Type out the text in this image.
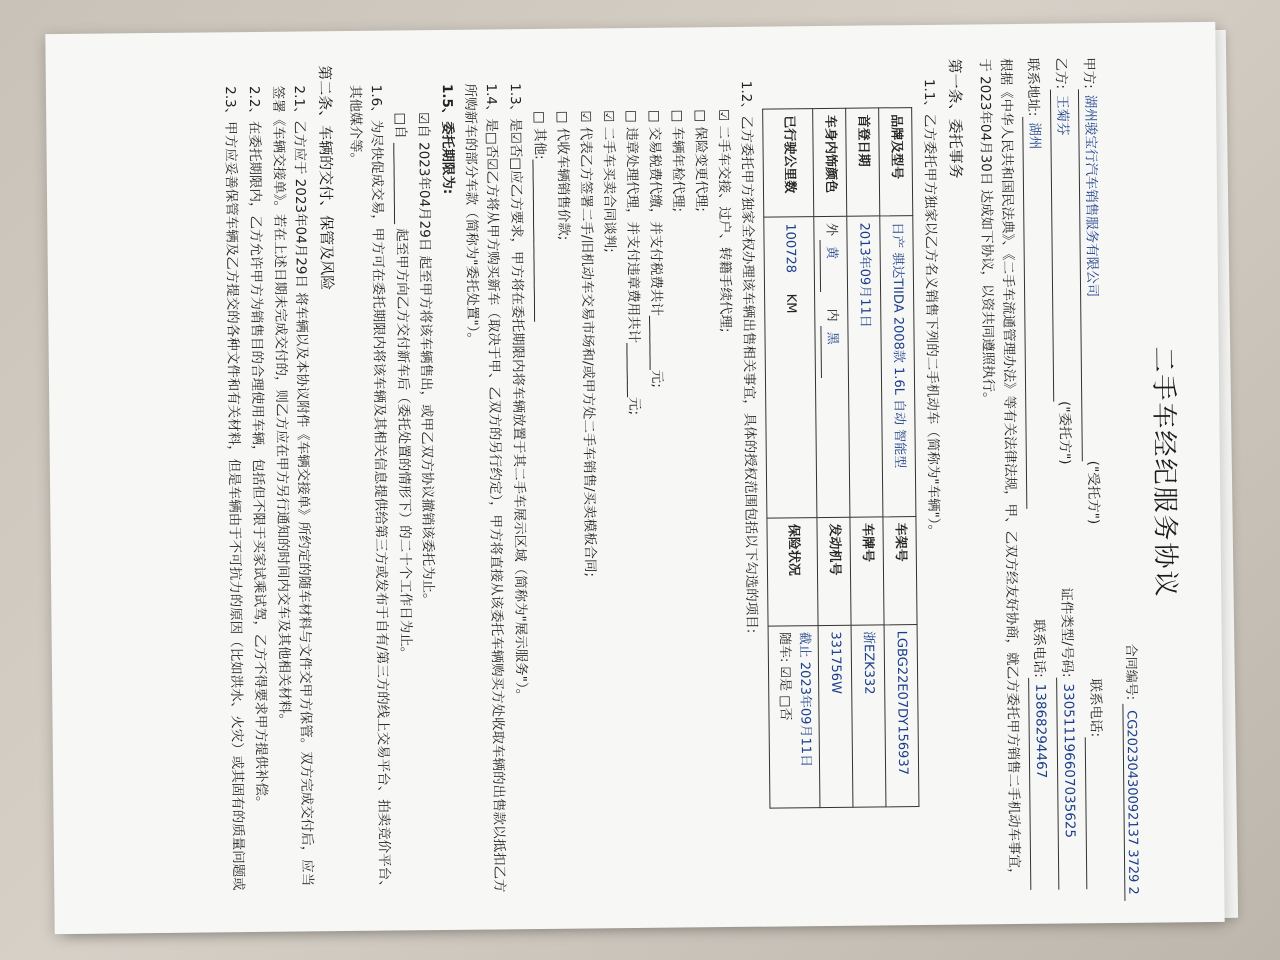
二手车经纪服务协议
合同编号: CG20230430092137 3729 2
甲方:
湖州骏宝行汽车销售服务有限公司
("受托方")
联系电话:
乙方:
王菊芬
("委托方")
证件类型/号码:
330511196607035625
联系地址:
湖州
联系电话:
13868294467
根据《中华人民共和国民法典》、《二手车流通管理办法》等有关法律法规，甲、乙双方经友好协商，就乙方委托甲方销售二手机动车事宜，于 2023年04月30日 达成如下协议，以资共同遵照执行。
第一条、委托事务
1.1、乙方委托甲方独家以乙方名义销售下列的二手机动车（简称为"车辆"）。
品牌及型号	日产 骐达TIIDA 2008款 1.6L 自动 智能型	车架号	LGBG22E07DY156937
首登日期	2013年09月11日	车牌号	浙EZK332
车身内饰颜色	外 黄    内 黑	发动机号	331756W
已行驶公里数	100728     KM	保险状况	截止 2023年09月11日
随车: ☑是 □否
1.2、乙方委托甲方独家全权办理该车辆出售相关事宜，具体的授权范围包括以下勾选的项目:
☑ 二手车交接、过户、转籍手续代理;
□ 保险变更代理;
□ 车辆年检代理;
□ 交易税费代缴，并支付税费共计________元;
□ 违章处理代理，并支付违章费用共计________元;
☑ 二手车买卖合同谈判;
☑ 代表乙方签署二手/旧机动车交易市场和/或甲方处二手车销售/买卖模板合同;
□ 代收车辆销售价款;
□ 其他:________________________
1.3、是☑否□应乙方要求，甲方将在委托期限内将车辆放置于其二手车展示区域（简称为"展示服务"）。
1.4、是□否☑乙方将从甲方购买新车（取决于甲、乙双方的另行约定），甲方将直接从该委托车辆购买方处收取车辆的出售款以抵扣乙方所购新车的部分车款（简称为"委托处置"）。
1.5、委托期限为:
☑自 2023年04月29日 起至甲方将该车辆售出，或甲乙双方协议撤销该委托为止。
□自 ____________ 起至甲方向乙方交付新车后（委托处置的情形下）的二十个工作日为止。
1.6、为尽快促成交易，甲方可在委托期限内将该车辆及其相关信息提供给第三方或发布于自有/第三方的线上交易平台、拍卖竞价平台、其他媒介等。
第二条、车辆的交付、保管及风险
2.1、乙方应于 2023年04月29日 将车辆以及本协议附件《车辆交接单》所约定的随车材料与文件交甲方保管。双方完成交付后，应当签署《车辆交接单》。若在上述日期未完成交付的，则乙方应在甲方另行通知的时间内交车及其他相关材料。
2.2、在委托期限内，乙方允许甲方为销售目的合理使用车辆，包括但不限于买家试乘试驾，乙方不得要求甲方提供补偿。
2.3、甲方应妥善保管车辆及乙方提交的各种文件和有关材料，但是车辆由于不可抗力的原因（比如洪水、火灾）或其固有的质量问题或
